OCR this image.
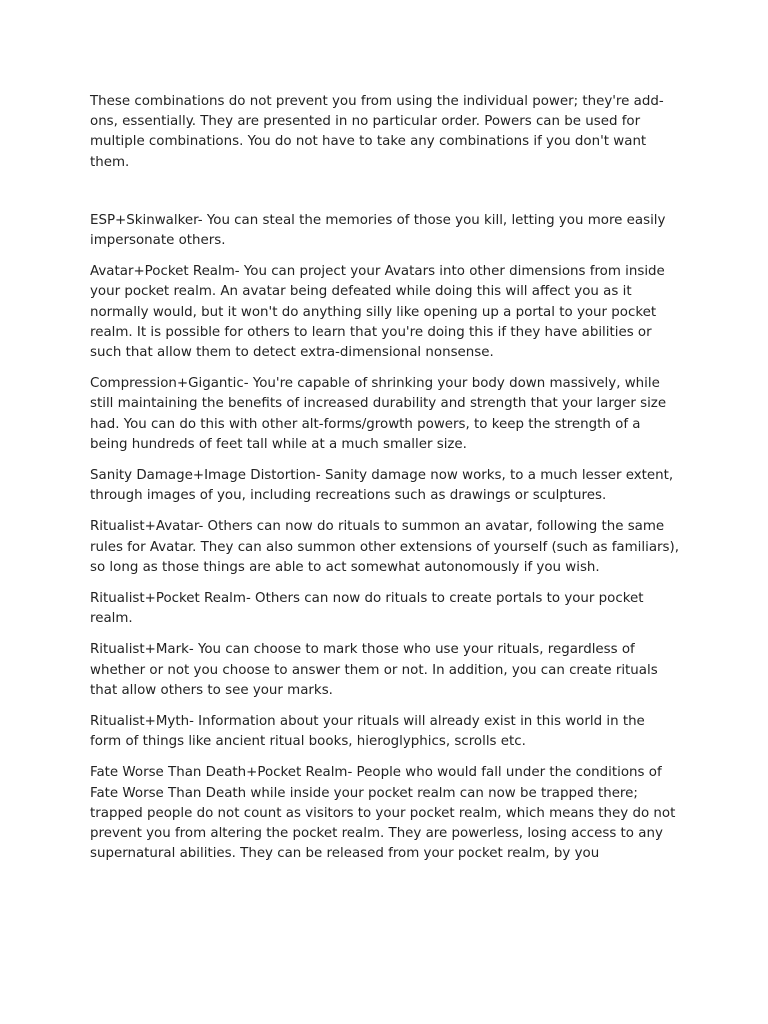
These combinations do not prevent you from using the individual power; they're add-ons, essentially. They are presented in no particular order. Powers can be used for multiple combinations. You do not have to take any combinations if you don't want them.

ESP+Skinwalker- You can steal the memories of those you kill, letting you more easily impersonate others.

Avatar+Pocket Realm- You can project your Avatars into other dimensions from inside your pocket realm. An avatar being defeated while doing this will affect you as it normally would, but it won't do anything silly like opening up a portal to your pocket realm. It is possible for others to learn that you're doing this if they have abilities or such that allow them to detect extra-dimensional nonsense.

Compression+Gigantic- You're capable of shrinking your body down massively, while still maintaining the benefits of increased durability and strength that your larger size had. You can do this with other alt-forms/growth powers, to keep the strength of a being hundreds of feet tall while at a much smaller size.

Sanity Damage+Image Distortion- Sanity damage now works, to a much lesser extent, through images of you, including recreations such as drawings or sculptures.

Ritualist+Avatar- Others can now do rituals to summon an avatar, following the same rules for Avatar. They can also summon other extensions of yourself (such as familiars), so long as those things are able to act somewhat autonomously if you wish.

Ritualist+Pocket Realm- Others can now do rituals to create portals to your pocket realm.

Ritualist+Mark- You can choose to mark those who use your rituals, regardless of whether or not you choose to answer them or not. In addition, you can create rituals that allow others to see your marks.

Ritualist+Myth- Information about your rituals will already exist in this world in the form of things like ancient ritual books, hieroglyphics, scrolls etc.

Fate Worse Than Death+Pocket Realm- People who would fall under the conditions of Fate Worse Than Death while inside your pocket realm can now be trapped there; trapped people do not count as visitors to your pocket realm, which means they do not prevent you from altering the pocket realm. They are powerless, losing access to any supernatural abilities. They can be released from your pocket realm, by you
